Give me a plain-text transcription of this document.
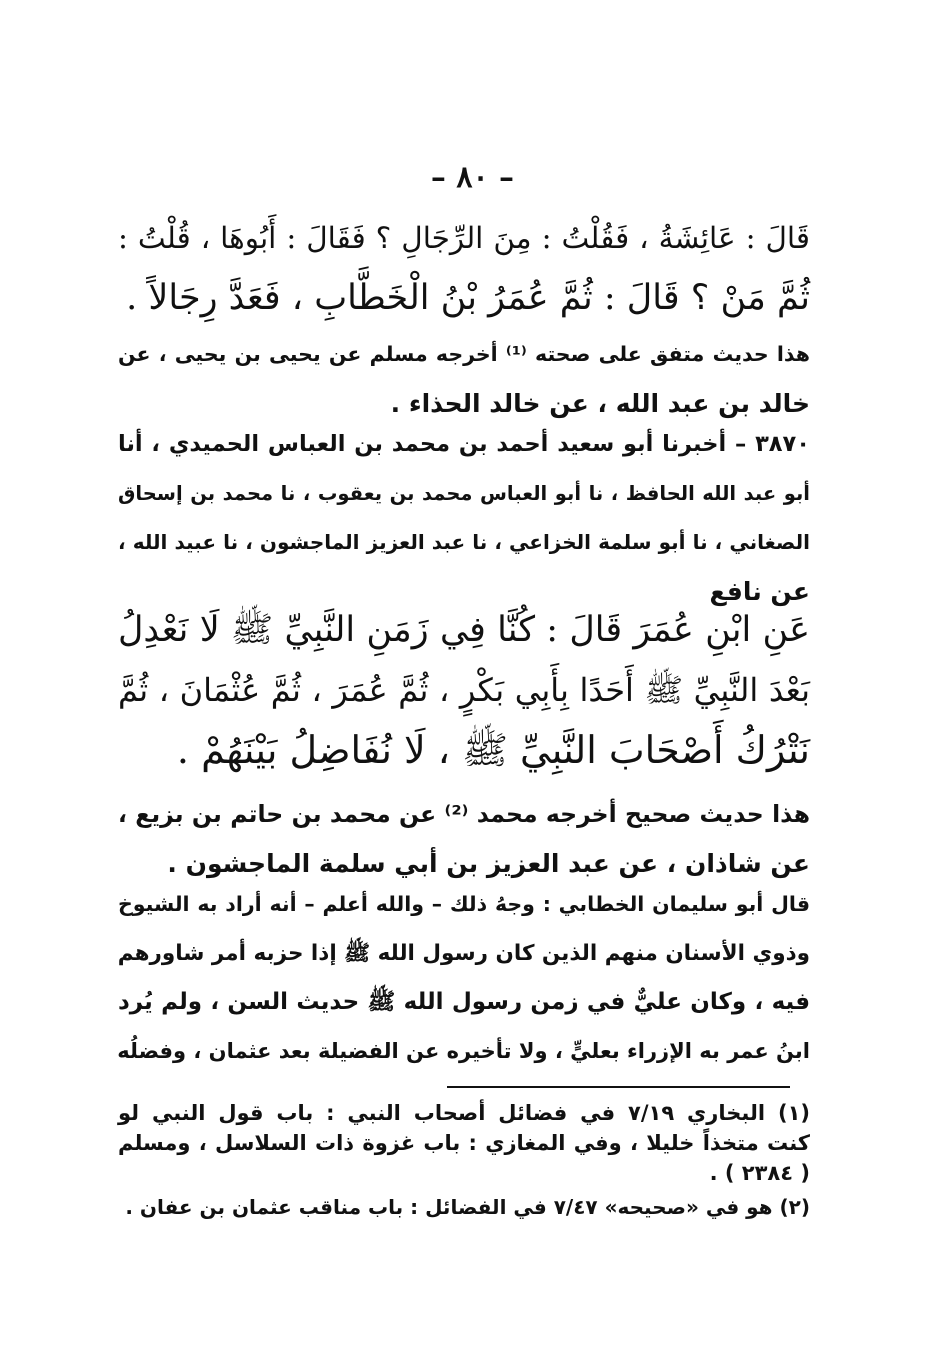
– ٨٠ –
قَالَ : عَائِشَةُ ، فَقُلْتُ : مِنَ الرِّجَالِ ؟ فَقَالَ : أَبُوهَا ، قُلْتُ :
ثُمَّ مَنْ ؟ قَالَ : ثُمَّ عُمَرُ بْنُ الْخَطَّابِ ، فَعَدَّ رِجَالاً .
هذا حديث متفق على صحته ⁽¹⁾ أخرجه مسلم عن يحيى بن يحيى ، عن
خالد بن عبد الله ، عن خالد الحذاء .
٣٨٧٠ – أخبرنا أبو سعيد أحمد بن محمد بن العباس الحميدي ، أنا
أبو عبد الله الحافظ ، نا أبو العباس محمد بن يعقوب ، نا محمد بن إسحاق
الصغاني ، نا أبو سلمة الخزاعي ، نا عبد العزيز الماجشون ، نا عبيد الله ،
عن نافع
عَنِ ابْنِ عُمَرَ قَالَ : كُنَّا فِي زَمَنِ النَّبِيِّ ﷺ لَا نَعْدِلُ
بَعْدَ النَّبِيِّ ﷺ أَحَدًا بِأَبِي بَكْرٍ ، ثُمَّ عُمَرَ ، ثُمَّ عُثْمَانَ ، ثُمَّ
نَتْرُكُ أَصْحَابَ النَّبِيِّ ﷺ ، لَا نُفَاضِلُ بَيْنَهُمْ .
هذا حديث صحيح أخرجه محمد ⁽²⁾ عن محمد بن حاتم بن بزيع ،
عن شاذان ، عن عبد العزيز بن أبي سلمة الماجشون .
قال أبو سليمان الخطابي : وجهُ ذلك – والله أعلم – أنه أراد به الشيوخ
وذوي الأسنان منهم الذين كان رسول الله ﷺ إذا حزبه أمر شاورهم
فيه ، وكان عليٌّ في زمن رسول الله ﷺ حديث السن ، ولم يُرد
ابنُ عمر به الإزراء بعليٍّ ، ولا تأخيره عن الفضيلة بعد عثمان ، وفضلُه
(١) البخاري ٧/١٩ في فضائل أصحاب النبي : باب قول النبي لو
كنت متخذاً خليلا ، وفي المغازي : باب غزوة ذات السلاسل ، ومسلم
( ٢٣٨٤ ) .
(٢) هو في «صحيحه» ٧/٤٧ في الفضائل : باب مناقب عثمان بن عفان .
